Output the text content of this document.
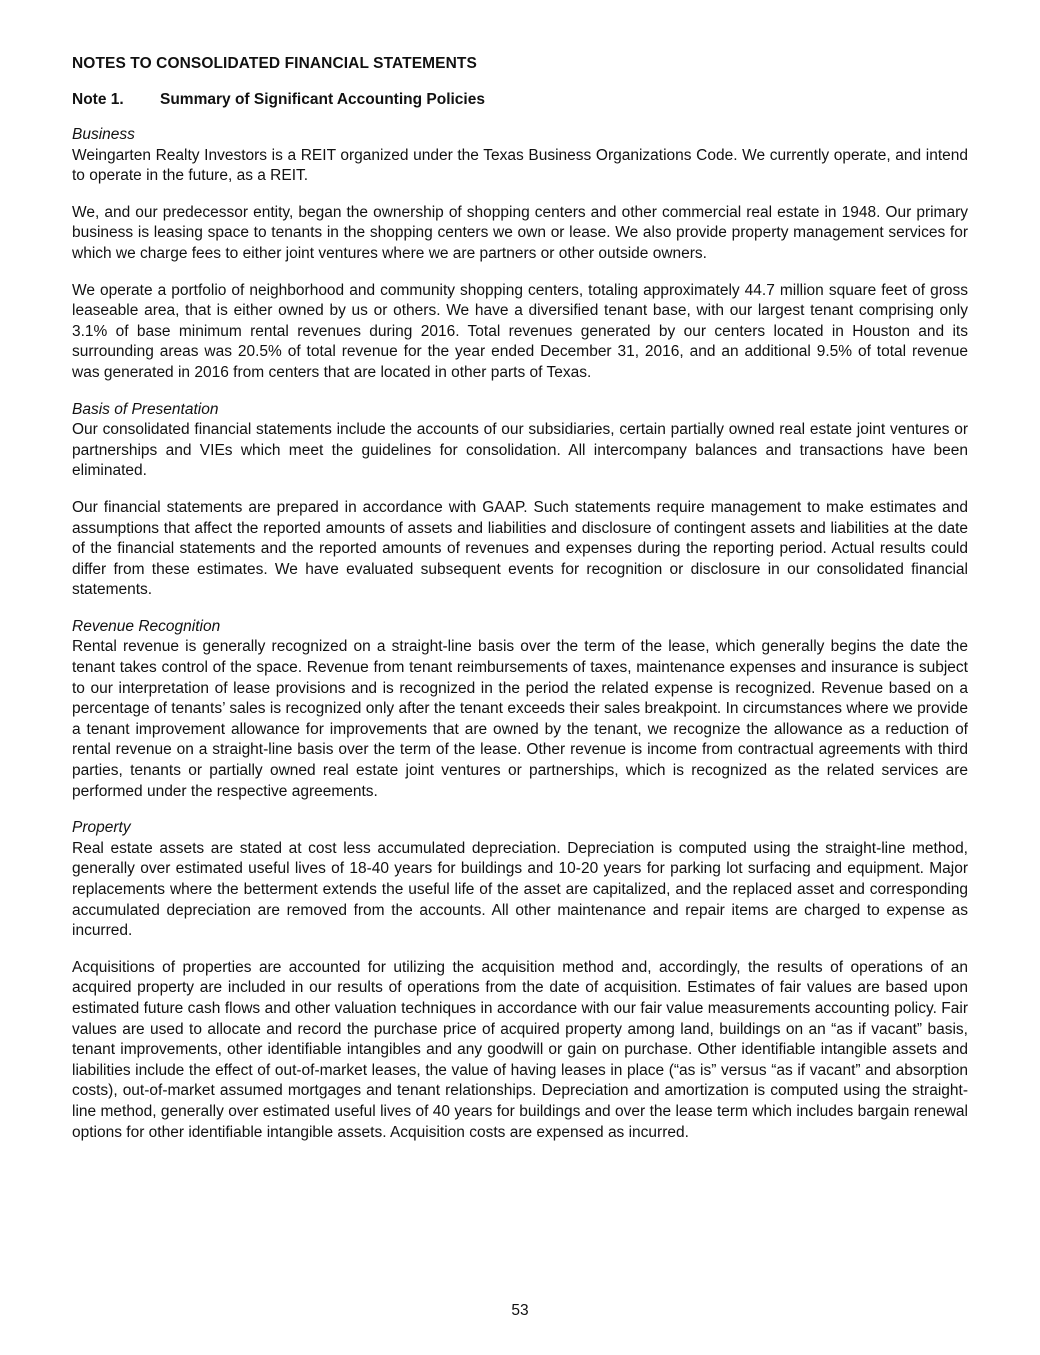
NOTES TO CONSOLIDATED FINANCIAL STATEMENTS
Note 1.	Summary of Significant Accounting Policies
Business

Weingarten Realty Investors is a REIT organized under the Texas Business Organizations Code. We currently operate, and intend to operate in the future, as a REIT.

We, and our predecessor entity, began the ownership of shopping centers and other commercial real estate in 1948. Our primary business is leasing space to tenants in the shopping centers we own or lease. We also provide property management services for which we charge fees to either joint ventures where we are partners or other outside owners.

We operate a portfolio of neighborhood and community shopping centers, totaling approximately 44.7 million square feet of gross leaseable area, that is either owned by us or others. We have a diversified tenant base, with our largest tenant comprising only 3.1% of base minimum rental revenues during 2016. Total revenues generated by our centers located in Houston and its surrounding areas was 20.5% of total revenue for the year ended December 31, 2016, and an additional 9.5% of total revenue was generated in 2016 from centers that are located in other parts of Texas.

Basis of Presentation

Our consolidated financial statements include the accounts of our subsidiaries, certain partially owned real estate joint ventures or partnerships and VIEs which meet the guidelines for consolidation. All intercompany balances and transactions have been eliminated.

Our financial statements are prepared in accordance with GAAP. Such statements require management to make estimates and assumptions that affect the reported amounts of assets and liabilities and disclosure of contingent assets and liabilities at the date of the financial statements and the reported amounts of revenues and expenses during the reporting period. Actual results could differ from these estimates. We have evaluated subsequent events for recognition or disclosure in our consolidated financial statements.

Revenue Recognition

Rental revenue is generally recognized on a straight-line basis over the term of the lease, which generally begins the date the tenant takes control of the space. Revenue from tenant reimbursements of taxes, maintenance expenses and insurance is subject to our interpretation of lease provisions and is recognized in the period the related expense is recognized. Revenue based on a percentage of tenants’ sales is recognized only after the tenant exceeds their sales breakpoint. In circumstances where we provide a tenant improvement allowance for improvements that are owned by the tenant, we recognize the allowance as a reduction of rental revenue on a straight-line basis over the term of the lease. Other revenue is income from contractual agreements with third parties, tenants or partially owned real estate joint ventures or partnerships, which is recognized as the related services are performed under the respective agreements.

Property

Real estate assets are stated at cost less accumulated depreciation. Depreciation is computed using the straight-line method, generally over estimated useful lives of 18-40 years for buildings and 10-20 years for parking lot surfacing and equipment. Major replacements where the betterment extends the useful life of the asset are capitalized, and the replaced asset and corresponding accumulated depreciation are removed from the accounts. All other maintenance and repair items are charged to expense as incurred.

Acquisitions of properties are accounted for utilizing the acquisition method and, accordingly, the results of operations of an acquired property are included in our results of operations from the date of acquisition. Estimates of fair values are based upon estimated future cash flows and other valuation techniques in accordance with our fair value measurements accounting policy. Fair values are used to allocate and record the purchase price of acquired property among land, buildings on an “as if vacant” basis, tenant improvements, other identifiable intangibles and any goodwill or gain on purchase. Other identifiable intangible assets and liabilities include the effect of out-of-market leases, the value of having leases in place (“as is” versus “as if vacant” and absorption costs), out-of-market assumed mortgages and tenant relationships. Depreciation and amortization is computed using the straight-line method, generally over estimated useful lives of 40 years for buildings and over the lease term which includes bargain renewal options for other identifiable intangible assets. Acquisition costs are expensed as incurred.

53
